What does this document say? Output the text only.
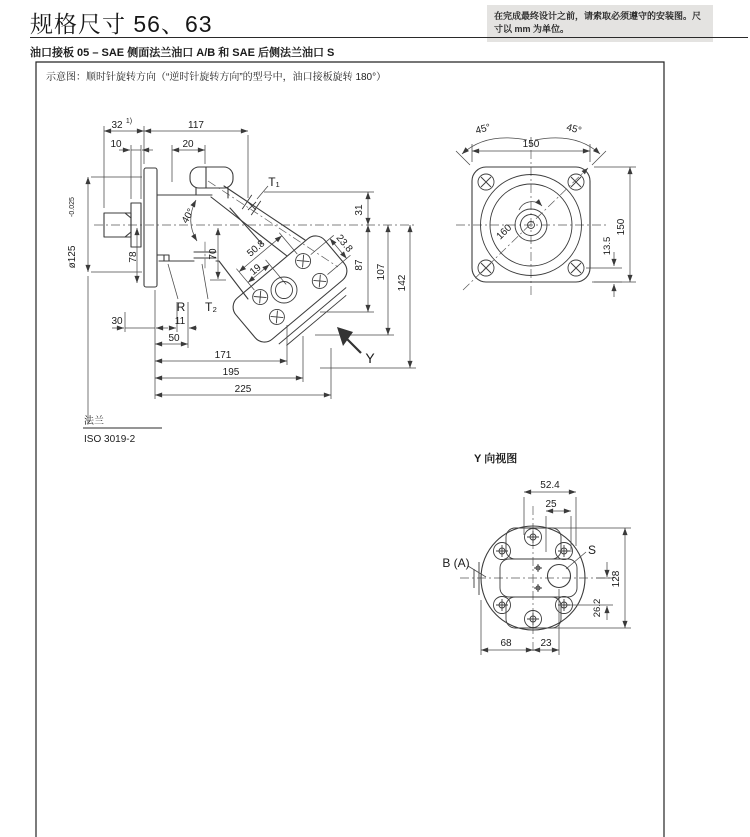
规格尺寸 56、63	在完成最终设计之前，请索取必须遵守的安装图。尺寸以 mm 为单位。
油口接板 05 – SAE 侧面法兰油口 A/B 和 SAE 后侧法兰油口 S
示意图：顺时针旋转方向（“逆时针旋转方向”的型号中，油口接板旋转 180°）
50.8
19
23.8
32 1)	117
10	20
T₁
ø125
-0.025
78
40°
70
31
87 107
142
R T₂
30	11
50
171
195
225
Y
法兰
ISO 3019-2
45°	45°
150
150
13.5
160
Y 向视图
B (A)
S
52.4
25
128
26.2
68	23
